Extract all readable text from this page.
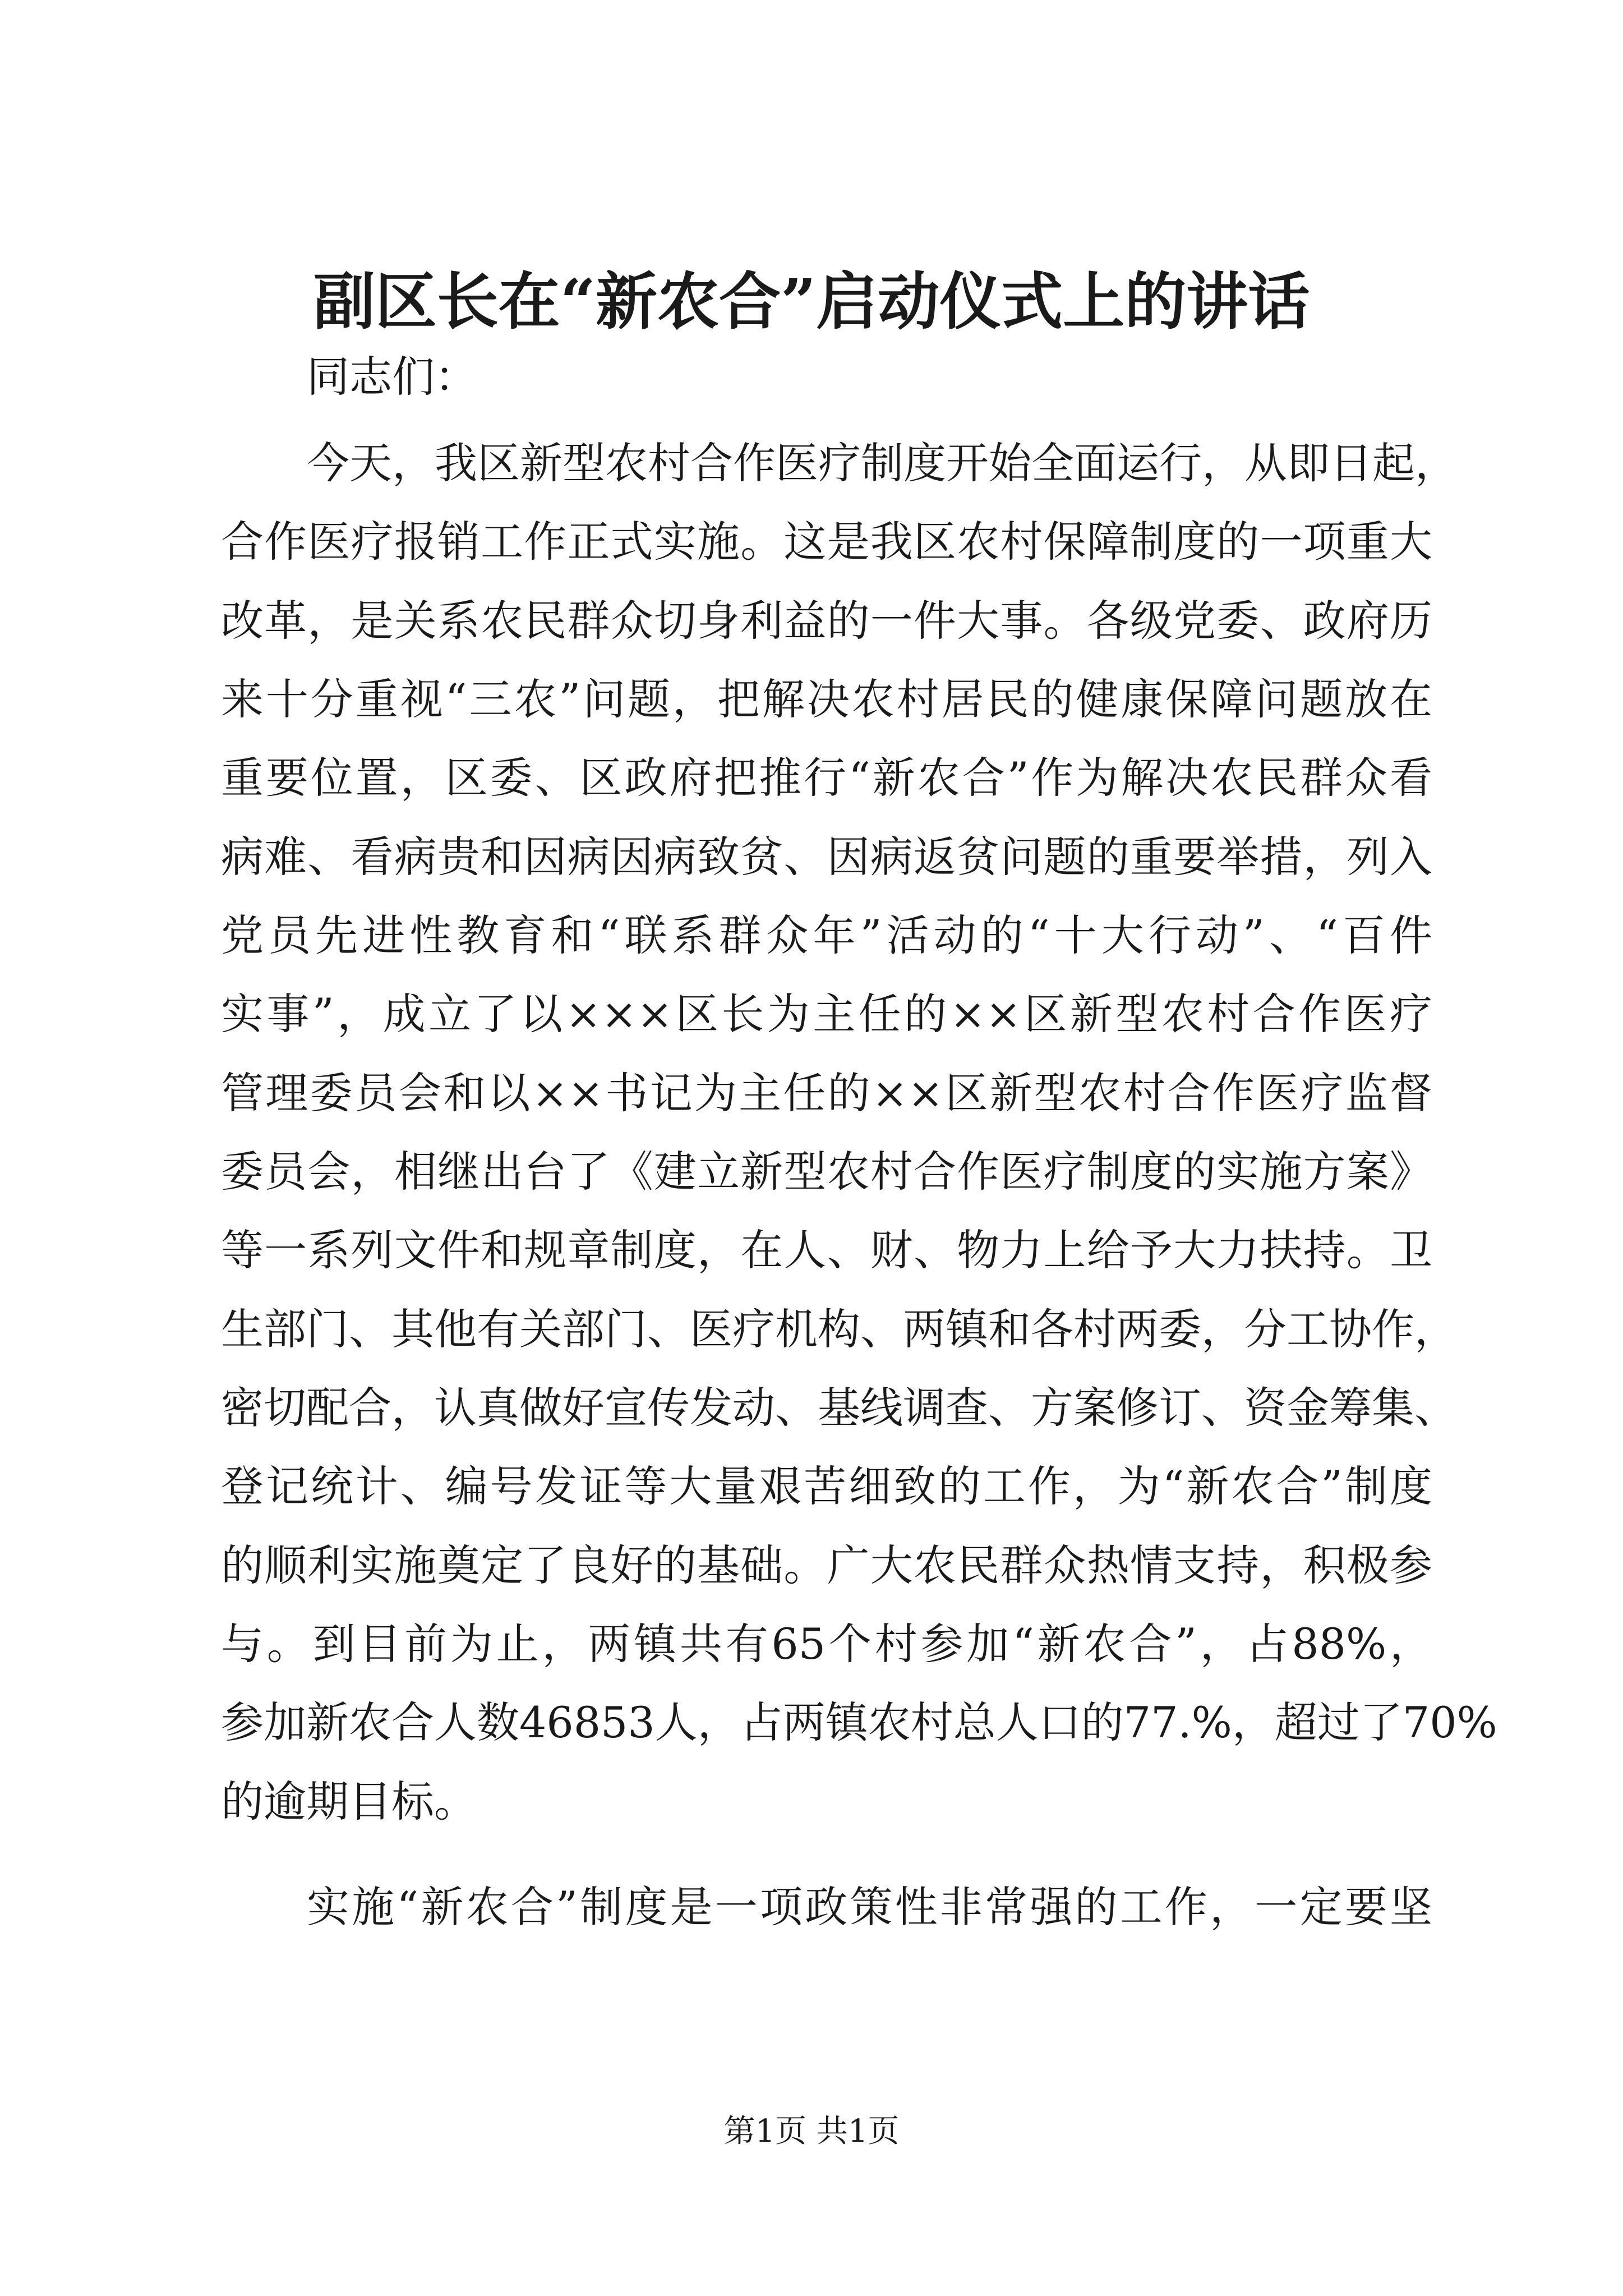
副区长在“新农合”启动仪式上的讲话

同志们：

今天，我区新型农村合作医疗制度开始全面运行，从即日起，

合作医疗报销工作正式实施。这是我区农村保障制度的一项重大

改革，是关系农民群众切身利益的一件大事。各级党委、政府历

来十分重视“三农”问题，把解决农村居民的健康保障问题放在

重要位置，区委、区政府把推行“新农合”作为解决农民群众看

病难、看病贵和因病因病致贫、因病返贫问题的重要举措，列入

党员先进性教育和“联系群众年”活动的“十大行动”、“百件

实事”，成立了以×××区长为主任的××区新型农村合作医疗

管理委员会和以××书记为主任的××区新型农村合作医疗监督

委员会，相继出台了《建立新型农村合作医疗制度的实施方案》

等一系列文件和规章制度，在人、财、物力上给予大力扶持。卫

生部门、其他有关部门、医疗机构、两镇和各村两委，分工协作，

密切配合，认真做好宣传发动、基线调查、方案修订、资金筹集、

登记统计、编号发证等大量艰苦细致的工作，为“新农合”制度

的顺利实施奠定了良好的基础。广大农民群众热情支持，积极参

与。到目前为止，两镇共有65个村参加“新农合”，占88%，

参加新农合人数46853人，占两镇农村总人口的77.%，超过了70%

的逾期目标。

实施“新农合”制度是一项政策性非常强的工作，一定要坚

第1页 共1页
